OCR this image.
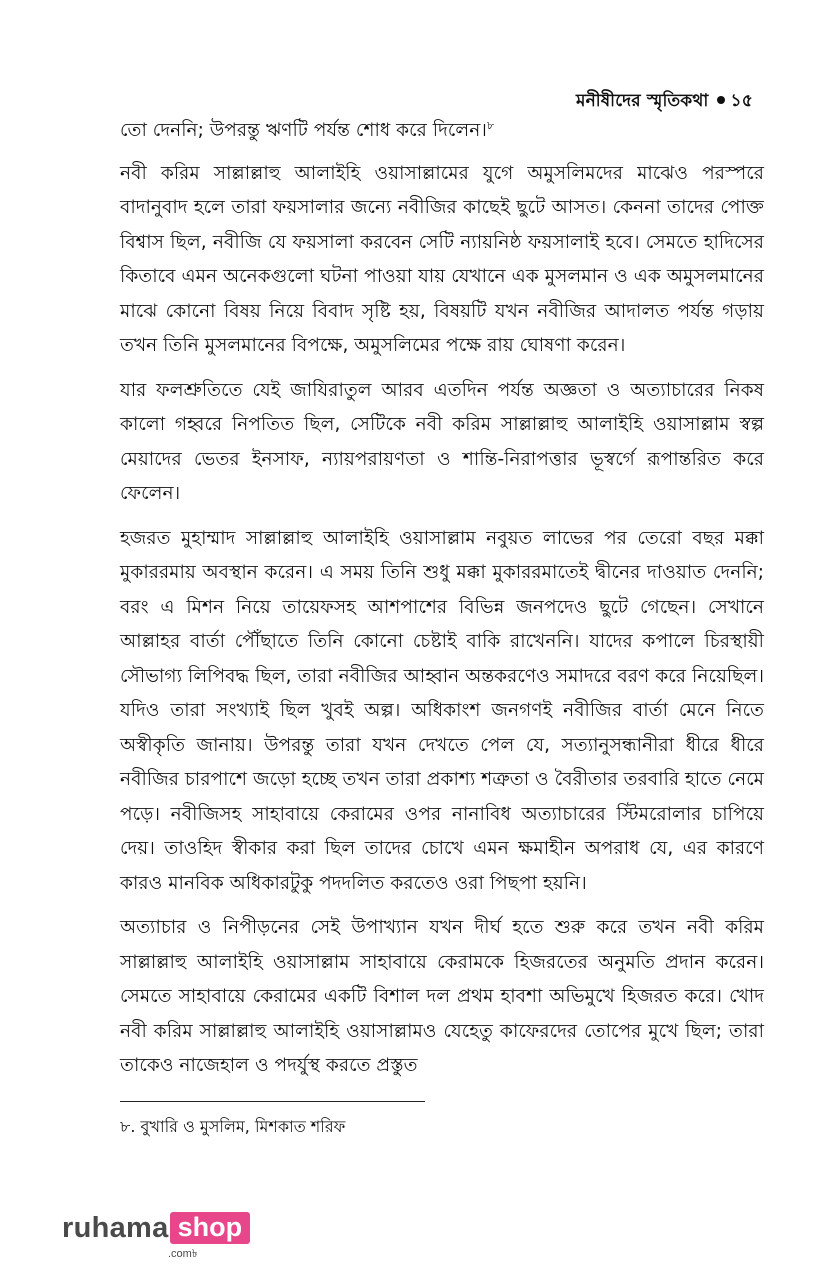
মনীষীদের স্মৃতিকথা ১৫

তো দেননি; উপরন্তু ঋণটি পর্যন্ত শোধ করে দিলেন।$^৮$

নবী করিম সাল্লাল্লাহু আলাইহি ওয়াসাল্লামের যুগে অমুসলিমদের মাঝেও পরস্পরে বাদানুবাদ হলে তারা ফয়সালার জন্যে নবীজির কাছেই ছুটে আসত। কেননা তাদের পোক্ত বিশ্বাস ছিল, নবীজি যে ফয়সালা করবেন সেটি ন্যায়নিষ্ঠ ফয়সালাই হবে। সেমতে হাদিসের কিতাবে এমন অনেকগুলো ঘটনা পাওয়া যায় যেখানে এক মুসলমান ও এক অমুসলমানের মাঝে কোনো বিষয় নিয়ে বিবাদ সৃষ্টি হয়, বিষয়টি যখন নবীজির আদালত পর্যন্ত গড়ায় তখন তিনি মুসলমানের বিপক্ষে, অমুসলিমের পক্ষে রায় ঘোষণা করেন।

যার ফলশ্রুতিতে যেই জাযিরাতুল আরব এতদিন পর্যন্ত অজ্ঞতা ও অত্যাচারের নিকষ কালো গহ্বরে নিপতিত ছিল, সেটিকে নবী করিম সাল্লাল্লাহু আলাইহি ওয়াসাল্লাম স্বল্প মেয়াদের ভেতর ইনসাফ, ন্যায়পরায়ণতা ও শান্তি-নিরাপত্তার ভূস্বর্গে রূপান্তরিত করে ফেলেন।

হজরত মুহাম্মাদ সাল্লাল্লাহু আলাইহি ওয়াসাল্লাম নবুয়ত লাভের পর তেরো বছর মক্কা মুকাররমায় অবস্থান করেন। এ সময় তিনি শুধু মক্কা মুকাররমাতেই দ্বীনের দাওয়াত দেননি; বরং এ মিশন নিয়ে তায়েফসহ আশপাশের বিভিন্ন জনপদেও ছুটে গেছেন। সেখানে আল্লাহর বার্তা পৌঁছাতে তিনি কোনো চেষ্টাই বাকি রাখেননি। যাদের কপালে চিরস্থায়ী সৌভাগ্য লিপিবদ্ধ ছিল, তারা নবীজির আহ্বান অন্তকরণেও সমাদরে বরণ করে নিয়েছিল। যদিও তারা সংখ্যাই ছিল খুবই অল্প। অধিকাংশ জনগণই নবীজির বার্তা মেনে নিতে অস্বীকৃতি জানায়। উপরন্তু তারা যখন দেখতে পেল যে, সত্যানুসন্ধানীরা ধীরে ধীরে নবীজির চারপাশে জড়ো হচ্ছে তখন তারা প্রকাশ্য শত্রুতা ও বৈরীতার তরবারি হাতে নেমে পড়ে। নবীজিসহ সাহাবায়ে কেরামের ওপর নানাবিধ অত্যাচারের স্টিমরোলার চাপিয়ে দেয়। তাওহিদ স্বীকার করা ছিল তাদের চোখে এমন ক্ষমাহীন অপরাধ যে, এর কারণে কারও মানবিক অধিকারটুকু পদদলিত করতেও ওরা পিছপা হয়নি।

অত্যাচার ও নিপীড়নের সেই উপাখ্যান যখন দীর্ঘ হতে শুরু করে তখন নবী করিম সাল্লাল্লাহু আলাইহি ওয়াসাল্লাম সাহাবায়ে কেরামকে হিজরতের অনুমতি প্রদান করেন। সেমতে সাহাবায়ে কেরামের একটি বিশাল দল প্রথম হাবশা অভিমুখে হিজরত করে। খোদ নবী করিম সাল্লাল্লাহু আলাইহি ওয়াসাল্লামও যেহেতু কাফেরদের তোপের মুখে ছিল; তারা তাকেও নাজেহাল ও পদর্যুস্থ করতে প্রস্তুত

৮. বুখারি ও মুসলিম, মিশকাত শরিফ
ruhama shop
.com৳
